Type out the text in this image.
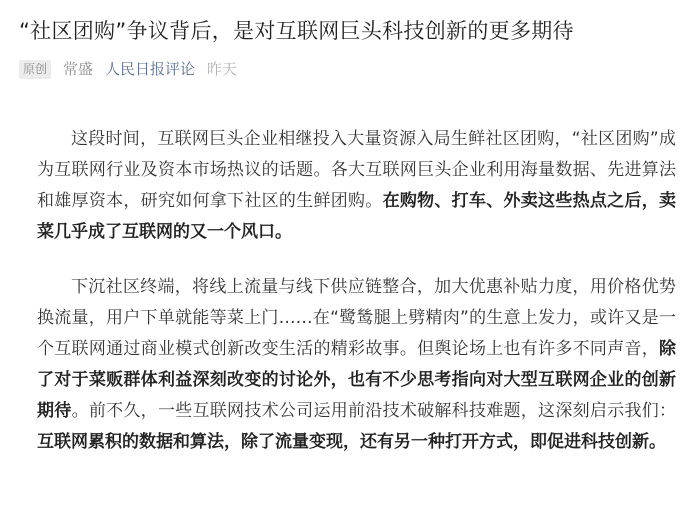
“社区团购”争议背后，是对互联网巨头科技创新的更多期待
原创 常盛 人民日报评论 昨天

这段时间，互联网巨头企业相继投入大量资源入局生鲜社区团购，“社区团购”成为互联网行业及资本市场热议的话题。各大互联网巨头企业利用海量数据、先进算法和雄厚资本，研究如何拿下社区的生鲜团购。在购物、打车、外卖这些热点之后，卖菜几乎成了互联网的又一个风口。

下沉社区终端，将线上流量与线下供应链整合，加大优惠补贴力度，用价格优势换流量，用户下单就能等菜上门……在“鹭鸶腿上劈精肉”的生意上发力，或许又是一个互联网通过商业模式创新改变生活的精彩故事。但舆论场上也有许多不同声音，除了对于菜贩群体利益深刻改变的讨论外，也有不少思考指向对大型互联网企业的创新期待。前不久，一些互联网技术公司运用前沿技术破解科技难题，这深刻启示我们：互联网累积的数据和算法，除了流量变现，还有另一种打开方式，即促进科技创新。
